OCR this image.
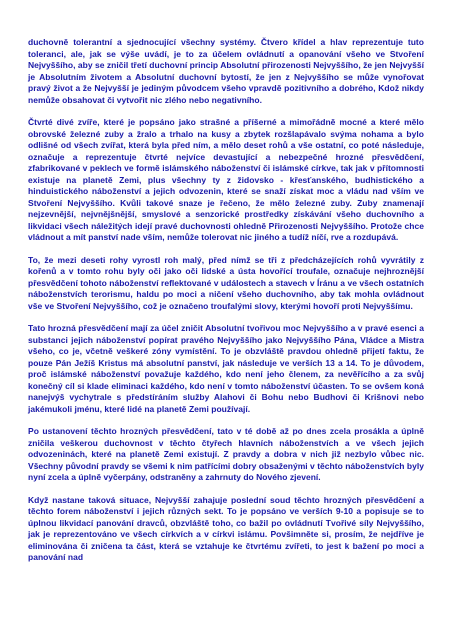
duchovně tolerantní a sjednocující všechny systémy. Čtvero křídel a hlav reprezentuje tuto toleranci, ale, jak se výše uvádí, je to za účelem ovládnutí a opanování všeho ve Stvoření Nejvyššího, aby se zničil třetí duchovní princip Absolutní přirozenosti Nejvyššího, že jen Nejvyšší je Absolutním životem a Absolutní duchovní bytostí, že jen z Nejvyššího se může vynořovat pravý život a že Nejvyšší je jediným původcem všeho vpravdě pozitivního a dobrého, Kdož nikdy nemůže obsahovat či vytvořit nic zlého nebo negativního.

Čtvrté divé zvíře, které je popsáno jako strašné a příšerné a mimořádně mocné a které mělo obrovské železné zuby a žralo a trhalo na kusy a zbytek rozšlapávalo svýma nohama a bylo odlišné od všech zvířat, která byla před ním, a mělo deset rohů a vše ostatní, co poté následuje, označuje a reprezentuje čtvrté nejvíce devastující a nebezpečné hrozné přesvědčení, zfabrikované v peklech ve formě islámského náboženství či islámské církve, tak jak v přítomnosti existuje na planetě Zemi, plus všechny ty z židovsko - křesťanského, budhistického a hinduistického náboženství a jejich odvozenin, které se snaží získat moc a vládu nad vším ve Stvoření Nejvyššího. Kvůli takové snaze je řečeno, že mělo železné zuby. Zuby znamenají nejzevnější, nejvnějšnější, smyslové a senzorické prostředky získávání všeho duchovního a likvidaci všech náležitých idejí pravé duchovnosti ohledně Přirozenosti Nejvyššího. Protože chce vládnout a mít panství nade vším, nemůže tolerovat nic jiného a tudíž níčí, rve a rozdupává.

To, že mezi deseti rohy vyrostl roh malý, před nímž se tři z předcházejících rohů vyvrátily z kořenů a v tomto rohu byly oči jako oči lidské a ústa hovořící troufale, označuje nejhroznější přesvědčení tohoto náboženství reflektované v událostech a stavech v Íránu a ve všech ostatních náboženstvích terorismu, haldu po moci a ničení všeho duchovního, aby tak mohla ovládnout vše ve Stvoření Nejvyššího, což je označeno troufalými slovy, kterými hovoří proti Nejvyššímu.

Tato hrozná přesvědčení mají za účel zničit Absolutní tvořivou moc Nejvyššího a v pravé esenci a substanci jejich náboženství popírat pravého Nejvyššího jako Nejvyššího Pána, Vládce a Mistra všeho, co je, včetně veškeré zóny vymístění. To je obzvláště pravdou ohledně přijetí faktu, že pouze Pán Ježíš Kristus má absolutní panství, jak následuje ve verších 13 a 14. To je důvodem, proč islámské náboženství považuje každého, kdo není jeho členem, za nevěřícího a za svůj konečný cíl si klade eliminaci každého, kdo není v tomto náboženství účasten. To se ovšem koná nanejvýš vychytrale s předstíráním služby Alahovi či Bohu nebo Budhovi či Krišnovi nebo jakémukoli jménu, které lidé na planetě Zemi používají.

Po ustanovení těchto hrozných přesvědčení, tato v té době až po dnes zcela prosákla a úplně zničila veškerou duchovnost v těchto čtyřech hlavních náboženstvích a ve všech jejich odvozeninách, které na planetě Zemi existují. Z pravdy a dobra v nich již nezbylo vůbec nic. Všechny původní pravdy se všemi k nim patřícími dobry obsaženými v těchto náboženstvích byly nyní zcela a úplně vyčerpány, odstraněny a zahrnuty do Nového zjevení.

Když nastane taková situace, Nejvyšší zahajuje poslední soud těchto hrozných přesvědčení a těchto forem náboženství i jejich různých sekt. To je popsáno ve verších 9-10 a popisuje se to úplnou likvidací panování dravců, obzvláště toho, co bažil po ovládnutí Tvořivé síly Nejvyššího, jak je reprezentováno ve všech církvích a v církvi islámu. Povšimněte si, prosím, že nejdříve je eliminována či zničena ta část, která se vztahuje ke čtvrtému zvířeti, to jest k bažení po moci a panování nad
